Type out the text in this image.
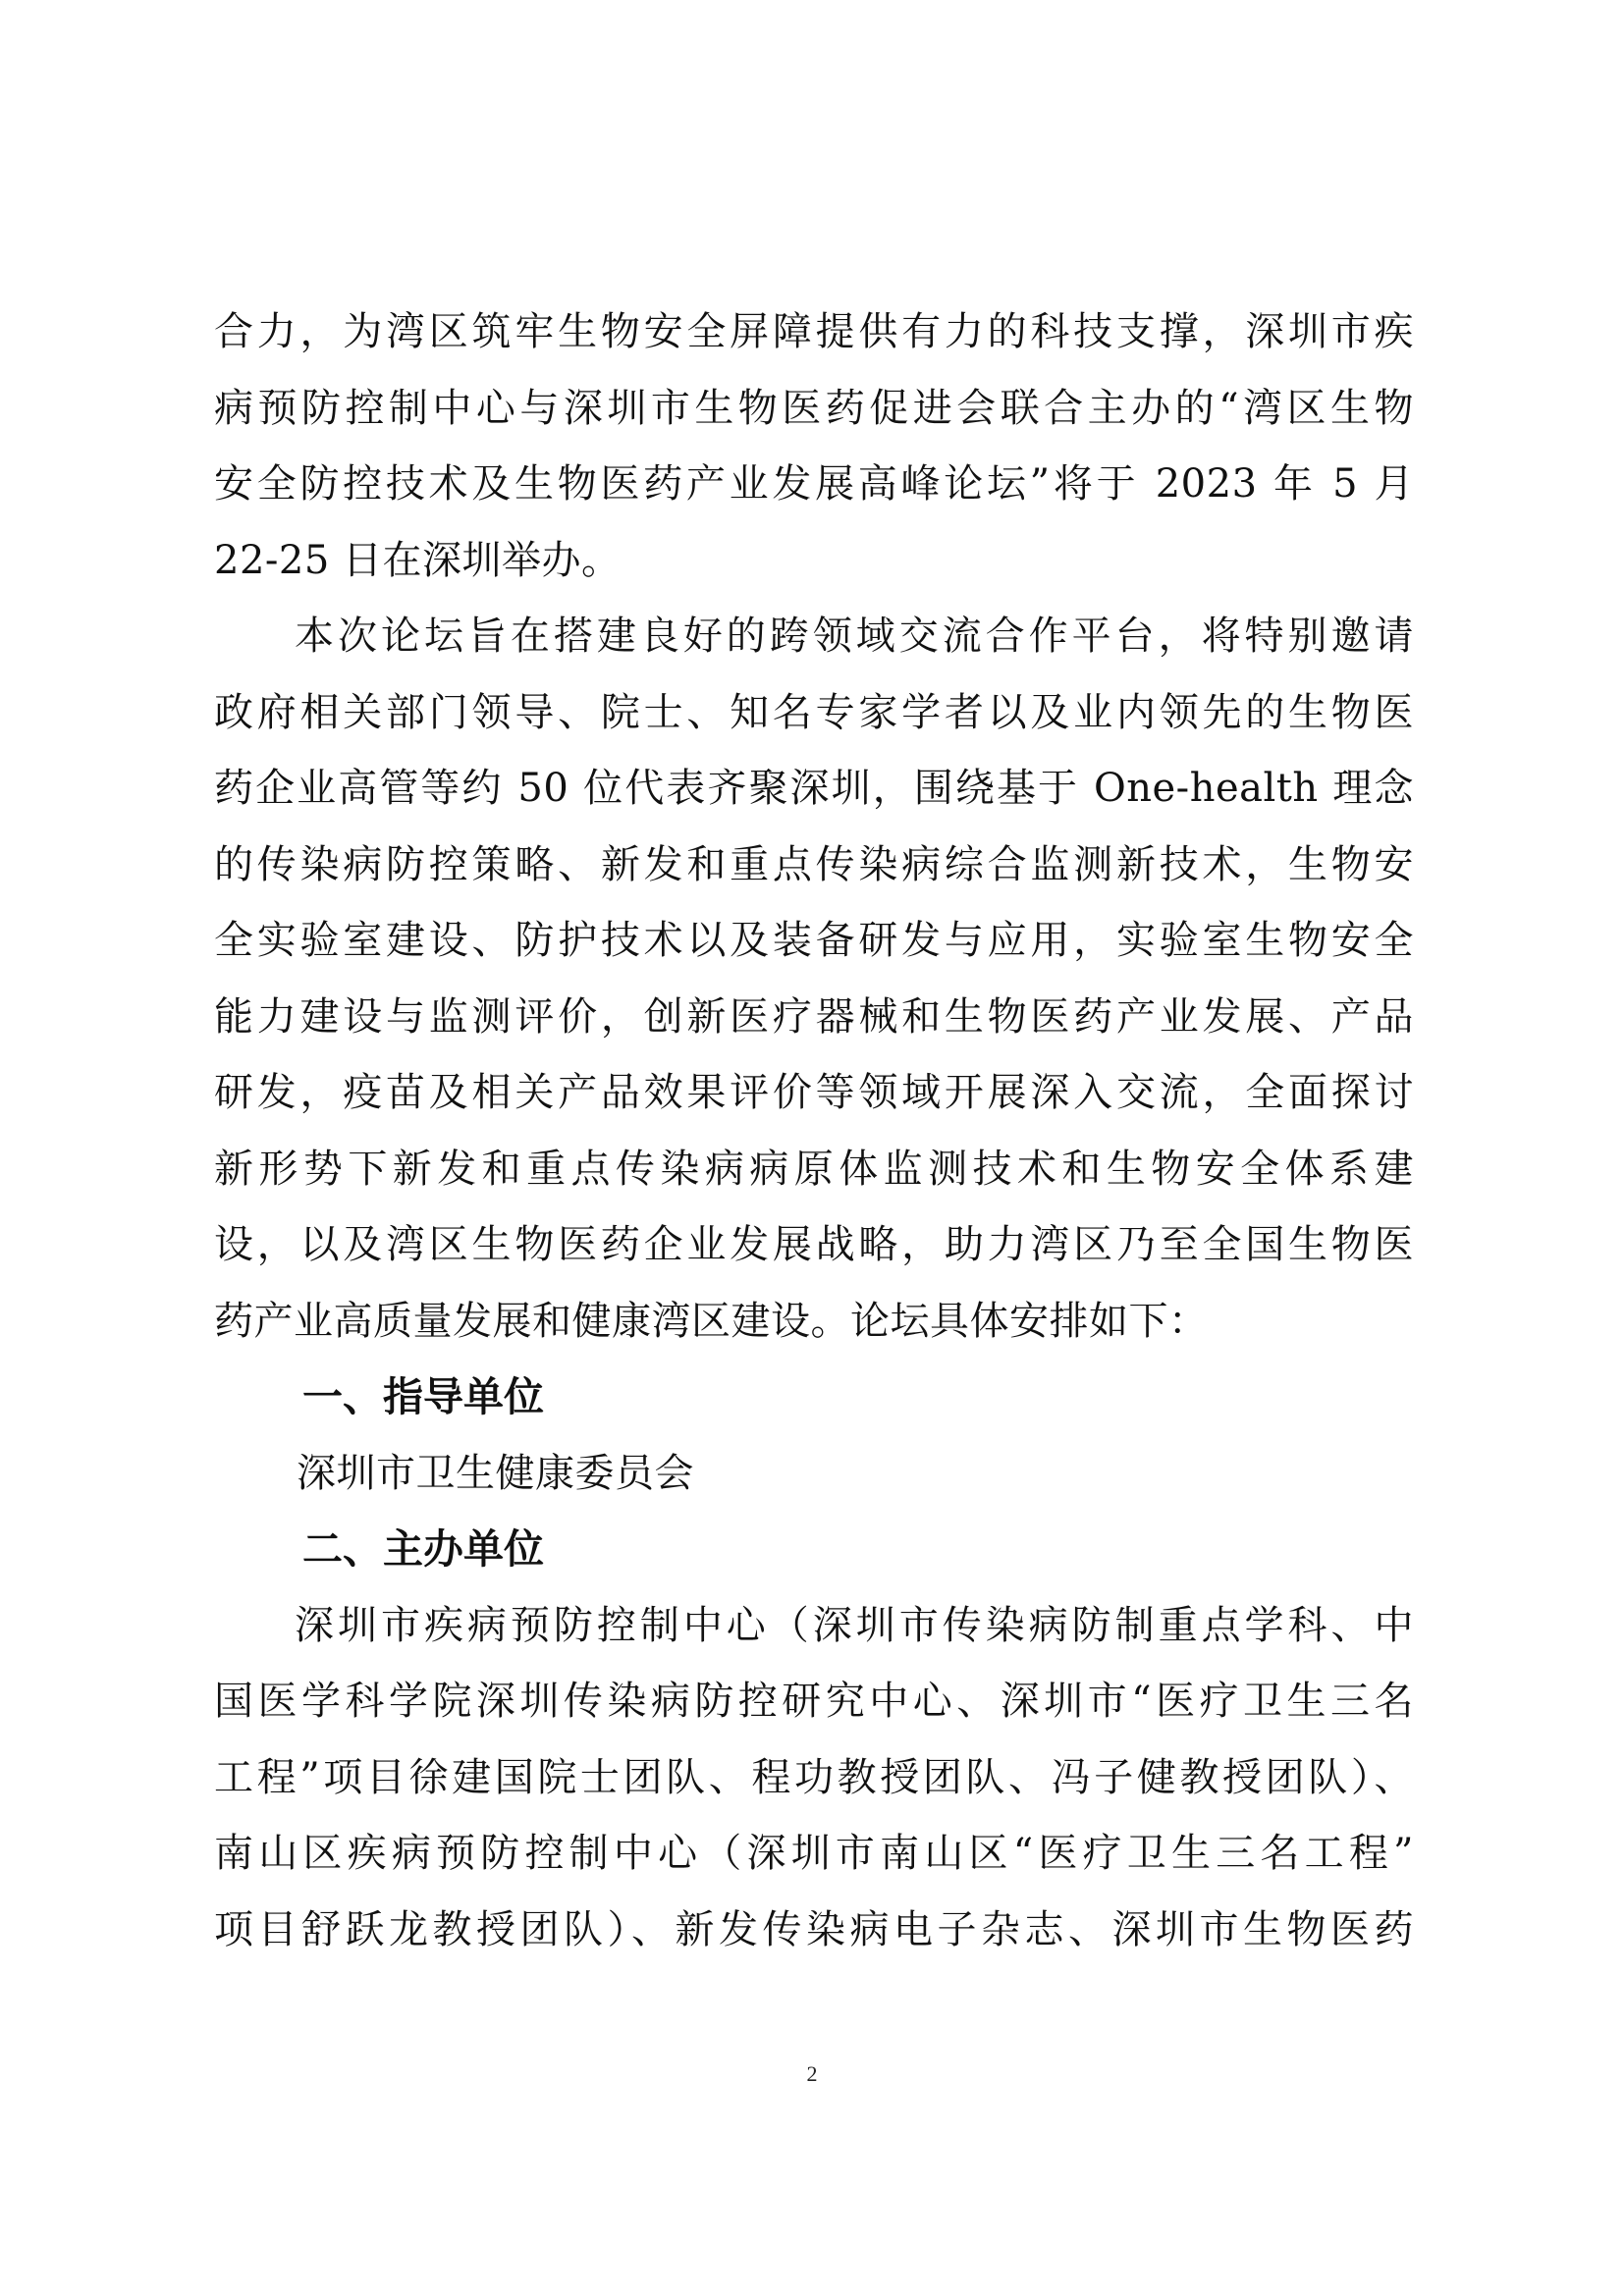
合力，为湾区筑牢生物安全屏障提供有力的科技支撑，深圳市疾
病预防控制中心与深圳市生物医药促进会联合主办的“湾区生物
安全防控技术及生物医药产业发展高峰论坛”将于 2023 年 5 月
22-25 日在深圳举办。
本次论坛旨在搭建良好的跨领域交流合作平台，将特别邀请
政府相关部门领导、院士、知名专家学者以及业内领先的生物医
药企业高管等约 50 位代表齐聚深圳，围绕基于 One-health 理念
的传染病防控策略、新发和重点传染病综合监测新技术，生物安
全实验室建设、防护技术以及装备研发与应用，实验室生物安全
能力建设与监测评价，创新医疗器械和生物医药产业发展、产品
研发，疫苗及相关产品效果评价等领域开展深入交流，全面探讨
新形势下新发和重点传染病病原体监测技术和生物安全体系建
设，以及湾区生物医药企业发展战略，助力湾区乃至全国生物医
药产业高质量发展和健康湾区建设。论坛具体安排如下：
一、指导单位
深圳市卫生健康委员会
二、主办单位
深圳市疾病预防控制中心（深圳市传染病防制重点学科、中
国医学科学院深圳传染病防控研究中心、深圳市“医疗卫生三名
工程”项目徐建国院士团队、程功教授团队、冯子健教授团队）、
南山区疾病预防控制中心（深圳市南山区“医疗卫生三名工程”
项目舒跃龙教授团队）、新发传染病电子杂志、深圳市生物医药
2
